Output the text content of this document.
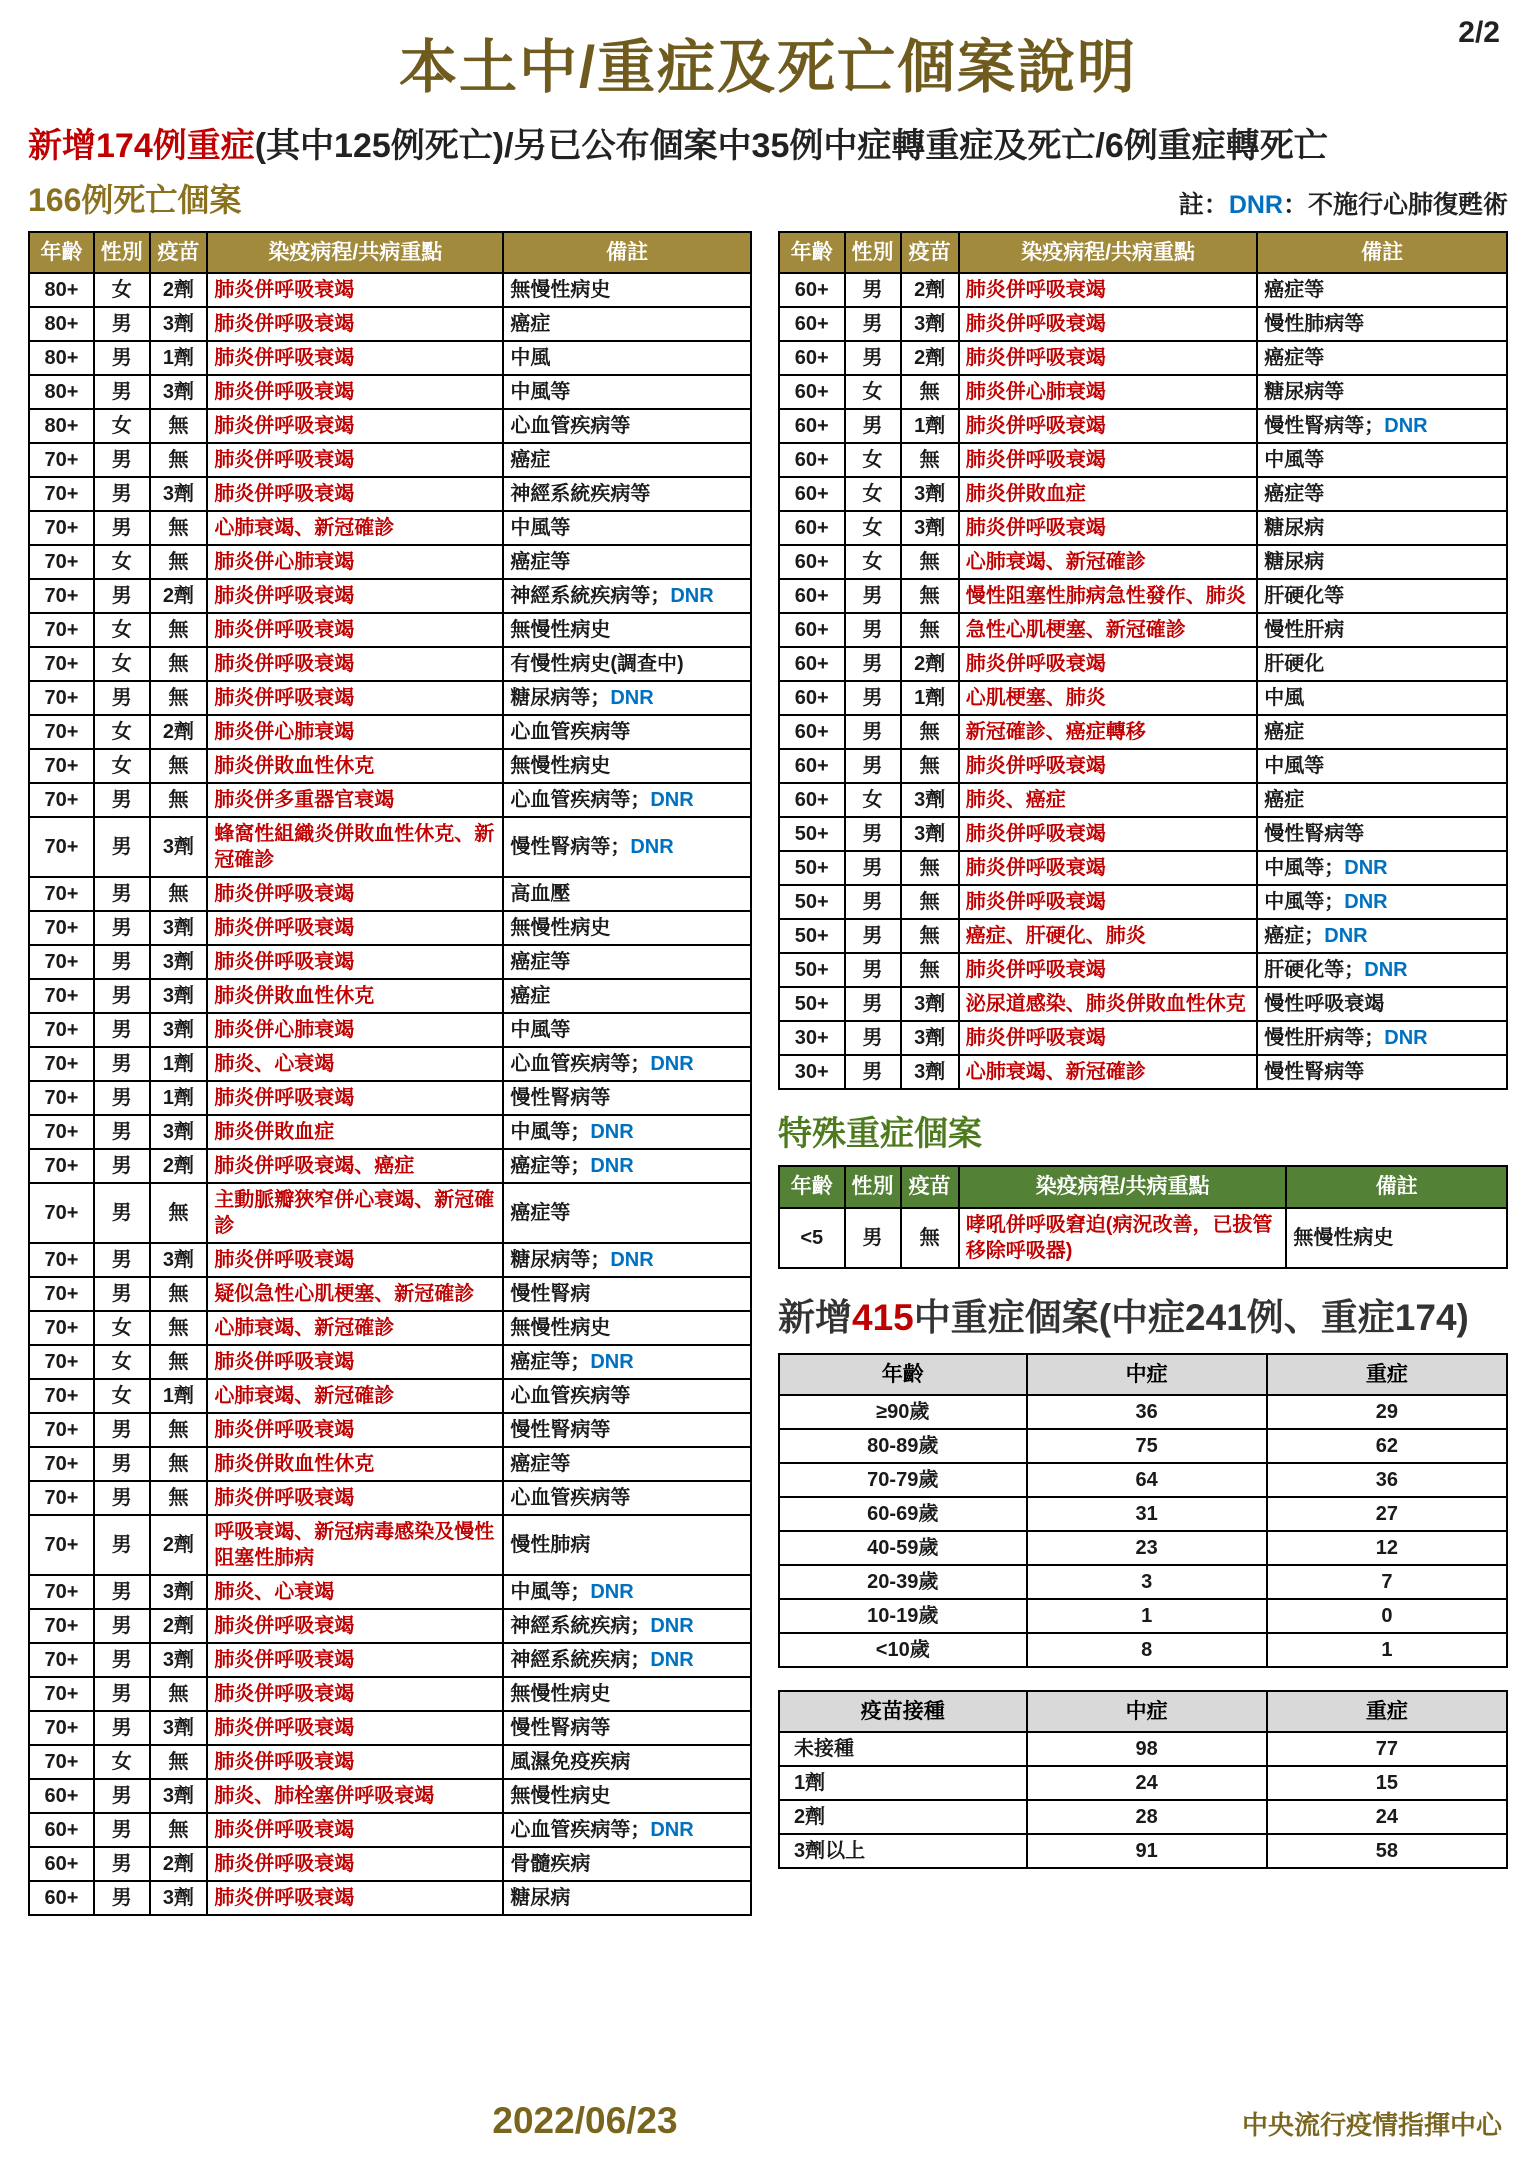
2/2
本土中/重症及死亡個案說明
新增174例重症(其中125例死亡)/另已公布個案中35例中症轉重症及死亡/6例重症轉死亡
166例死亡個案	註：DNR：不施行心肺復甦術
年齡	性別	疫苗	染疫病程/共病重點	備註
80+	女	2劑	肺炎併呼吸衰竭	無慢性病史
80+	男	3劑	肺炎併呼吸衰竭	癌症
80+	男	1劑	肺炎併呼吸衰竭	中風
80+	男	3劑	肺炎併呼吸衰竭	中風等
80+	女	無	肺炎併呼吸衰竭	心血管疾病等
70+	男	無	肺炎併呼吸衰竭	癌症
70+	男	3劑	肺炎併呼吸衰竭	神經系統疾病等
70+	男	無	心肺衰竭、新冠確診	中風等
70+	女	無	肺炎併心肺衰竭	癌症等
70+	男	2劑	肺炎併呼吸衰竭	神經系統疾病等；DNR
70+	女	無	肺炎併呼吸衰竭	無慢性病史
70+	女	無	肺炎併呼吸衰竭	有慢性病史(調查中)
70+	男	無	肺炎併呼吸衰竭	糖尿病等；DNR
70+	女	2劑	肺炎併心肺衰竭	心血管疾病等
70+	女	無	肺炎併敗血性休克	無慢性病史
70+	男	無	肺炎併多重器官衰竭	心血管疾病等；DNR
70+	男	3劑	蜂窩性組織炎併敗血性休克、新冠確診	慢性腎病等；DNR
70+	男	無	肺炎併呼吸衰竭	高血壓
70+	男	3劑	肺炎併呼吸衰竭	無慢性病史
70+	男	3劑	肺炎併呼吸衰竭	癌症等
70+	男	3劑	肺炎併敗血性休克	癌症
70+	男	3劑	肺炎併心肺衰竭	中風等
70+	男	1劑	肺炎、心衰竭	心血管疾病等；DNR
70+	男	1劑	肺炎併呼吸衰竭	慢性腎病等
70+	男	3劑	肺炎併敗血症	中風等；DNR
70+	男	2劑	肺炎併呼吸衰竭、癌症	癌症等；DNR
70+	男	無	主動脈瓣狹窄併心衰竭、新冠確診	癌症等
70+	男	3劑	肺炎併呼吸衰竭	糖尿病等；DNR
70+	男	無	疑似急性心肌梗塞、新冠確診	慢性腎病
70+	女	無	心肺衰竭、新冠確診	無慢性病史
70+	女	無	肺炎併呼吸衰竭	癌症等；DNR
70+	女	1劑	心肺衰竭、新冠確診	心血管疾病等
70+	男	無	肺炎併呼吸衰竭	慢性腎病等
70+	男	無	肺炎併敗血性休克	癌症等
70+	男	無	肺炎併呼吸衰竭	心血管疾病等
70+	男	2劑	呼吸衰竭、新冠病毒感染及慢性阻塞性肺病	慢性肺病
70+	男	3劑	肺炎、心衰竭	中風等；DNR
70+	男	2劑	肺炎併呼吸衰竭	神經系統疾病；DNR
70+	男	3劑	肺炎併呼吸衰竭	神經系統疾病；DNR
70+	男	無	肺炎併呼吸衰竭	無慢性病史
70+	男	3劑	肺炎併呼吸衰竭	慢性腎病等
70+	女	無	肺炎併呼吸衰竭	風濕免疫疾病
60+	男	3劑	肺炎、肺栓塞併呼吸衰竭	無慢性病史
60+	男	無	肺炎併呼吸衰竭	心血管疾病等；DNR
60+	男	2劑	肺炎併呼吸衰竭	骨髓疾病
60+	男	3劑	肺炎併呼吸衰竭	糖尿病
年齡	性別	疫苗	染疫病程/共病重點	備註
60+	男	2劑	肺炎併呼吸衰竭	癌症等
60+	男	3劑	肺炎併呼吸衰竭	慢性肺病等
60+	男	2劑	肺炎併呼吸衰竭	癌症等
60+	女	無	肺炎併心肺衰竭	糖尿病等
60+	男	1劑	肺炎併呼吸衰竭	慢性腎病等；DNR
60+	女	無	肺炎併呼吸衰竭	中風等
60+	女	3劑	肺炎併敗血症	癌症等
60+	女	3劑	肺炎併呼吸衰竭	糖尿病
60+	女	無	心肺衰竭、新冠確診	糖尿病
60+	男	無	慢性阻塞性肺病急性發作、肺炎	肝硬化等
60+	男	無	急性心肌梗塞、新冠確診	慢性肝病
60+	男	2劑	肺炎併呼吸衰竭	肝硬化
60+	男	1劑	心肌梗塞、肺炎	中風
60+	男	無	新冠確診、癌症轉移	癌症
60+	男	無	肺炎併呼吸衰竭	中風等
60+	女	3劑	肺炎、癌症	癌症
50+	男	3劑	肺炎併呼吸衰竭	慢性腎病等
50+	男	無	肺炎併呼吸衰竭	中風等；DNR
50+	男	無	肺炎併呼吸衰竭	中風等；DNR
50+	男	無	癌症、肝硬化、肺炎	癌症；DNR
50+	男	無	肺炎併呼吸衰竭	肝硬化等；DNR
50+	男	3劑	泌尿道感染、肺炎併敗血性休克	慢性呼吸衰竭
30+	男	3劑	肺炎併呼吸衰竭	慢性肝病等；DNR
30+	男	3劑	心肺衰竭、新冠確診	慢性腎病等
特殊重症個案
年齡	性別	疫苗	染疫病程/共病重點	備註
<5	男	無	哮吼併呼吸窘迫(病況改善，已拔管移除呼吸器)	無慢性病史
新增415中重症個案(中症241例、重症174)
年齡	中症	重症
≥90歲	36	29
80-89歲	75	62
70-79歲	64	36
60-69歲	31	27
40-59歲	23	12
20-39歲	3	7
10-19歲	1	0
<10歲	8	1
疫苗接種	中症	重症
未接種	98	77
1劑	24	15
2劑	28	24
3劑以上	91	58
2022/06/23	中央流行疫情指揮中心
